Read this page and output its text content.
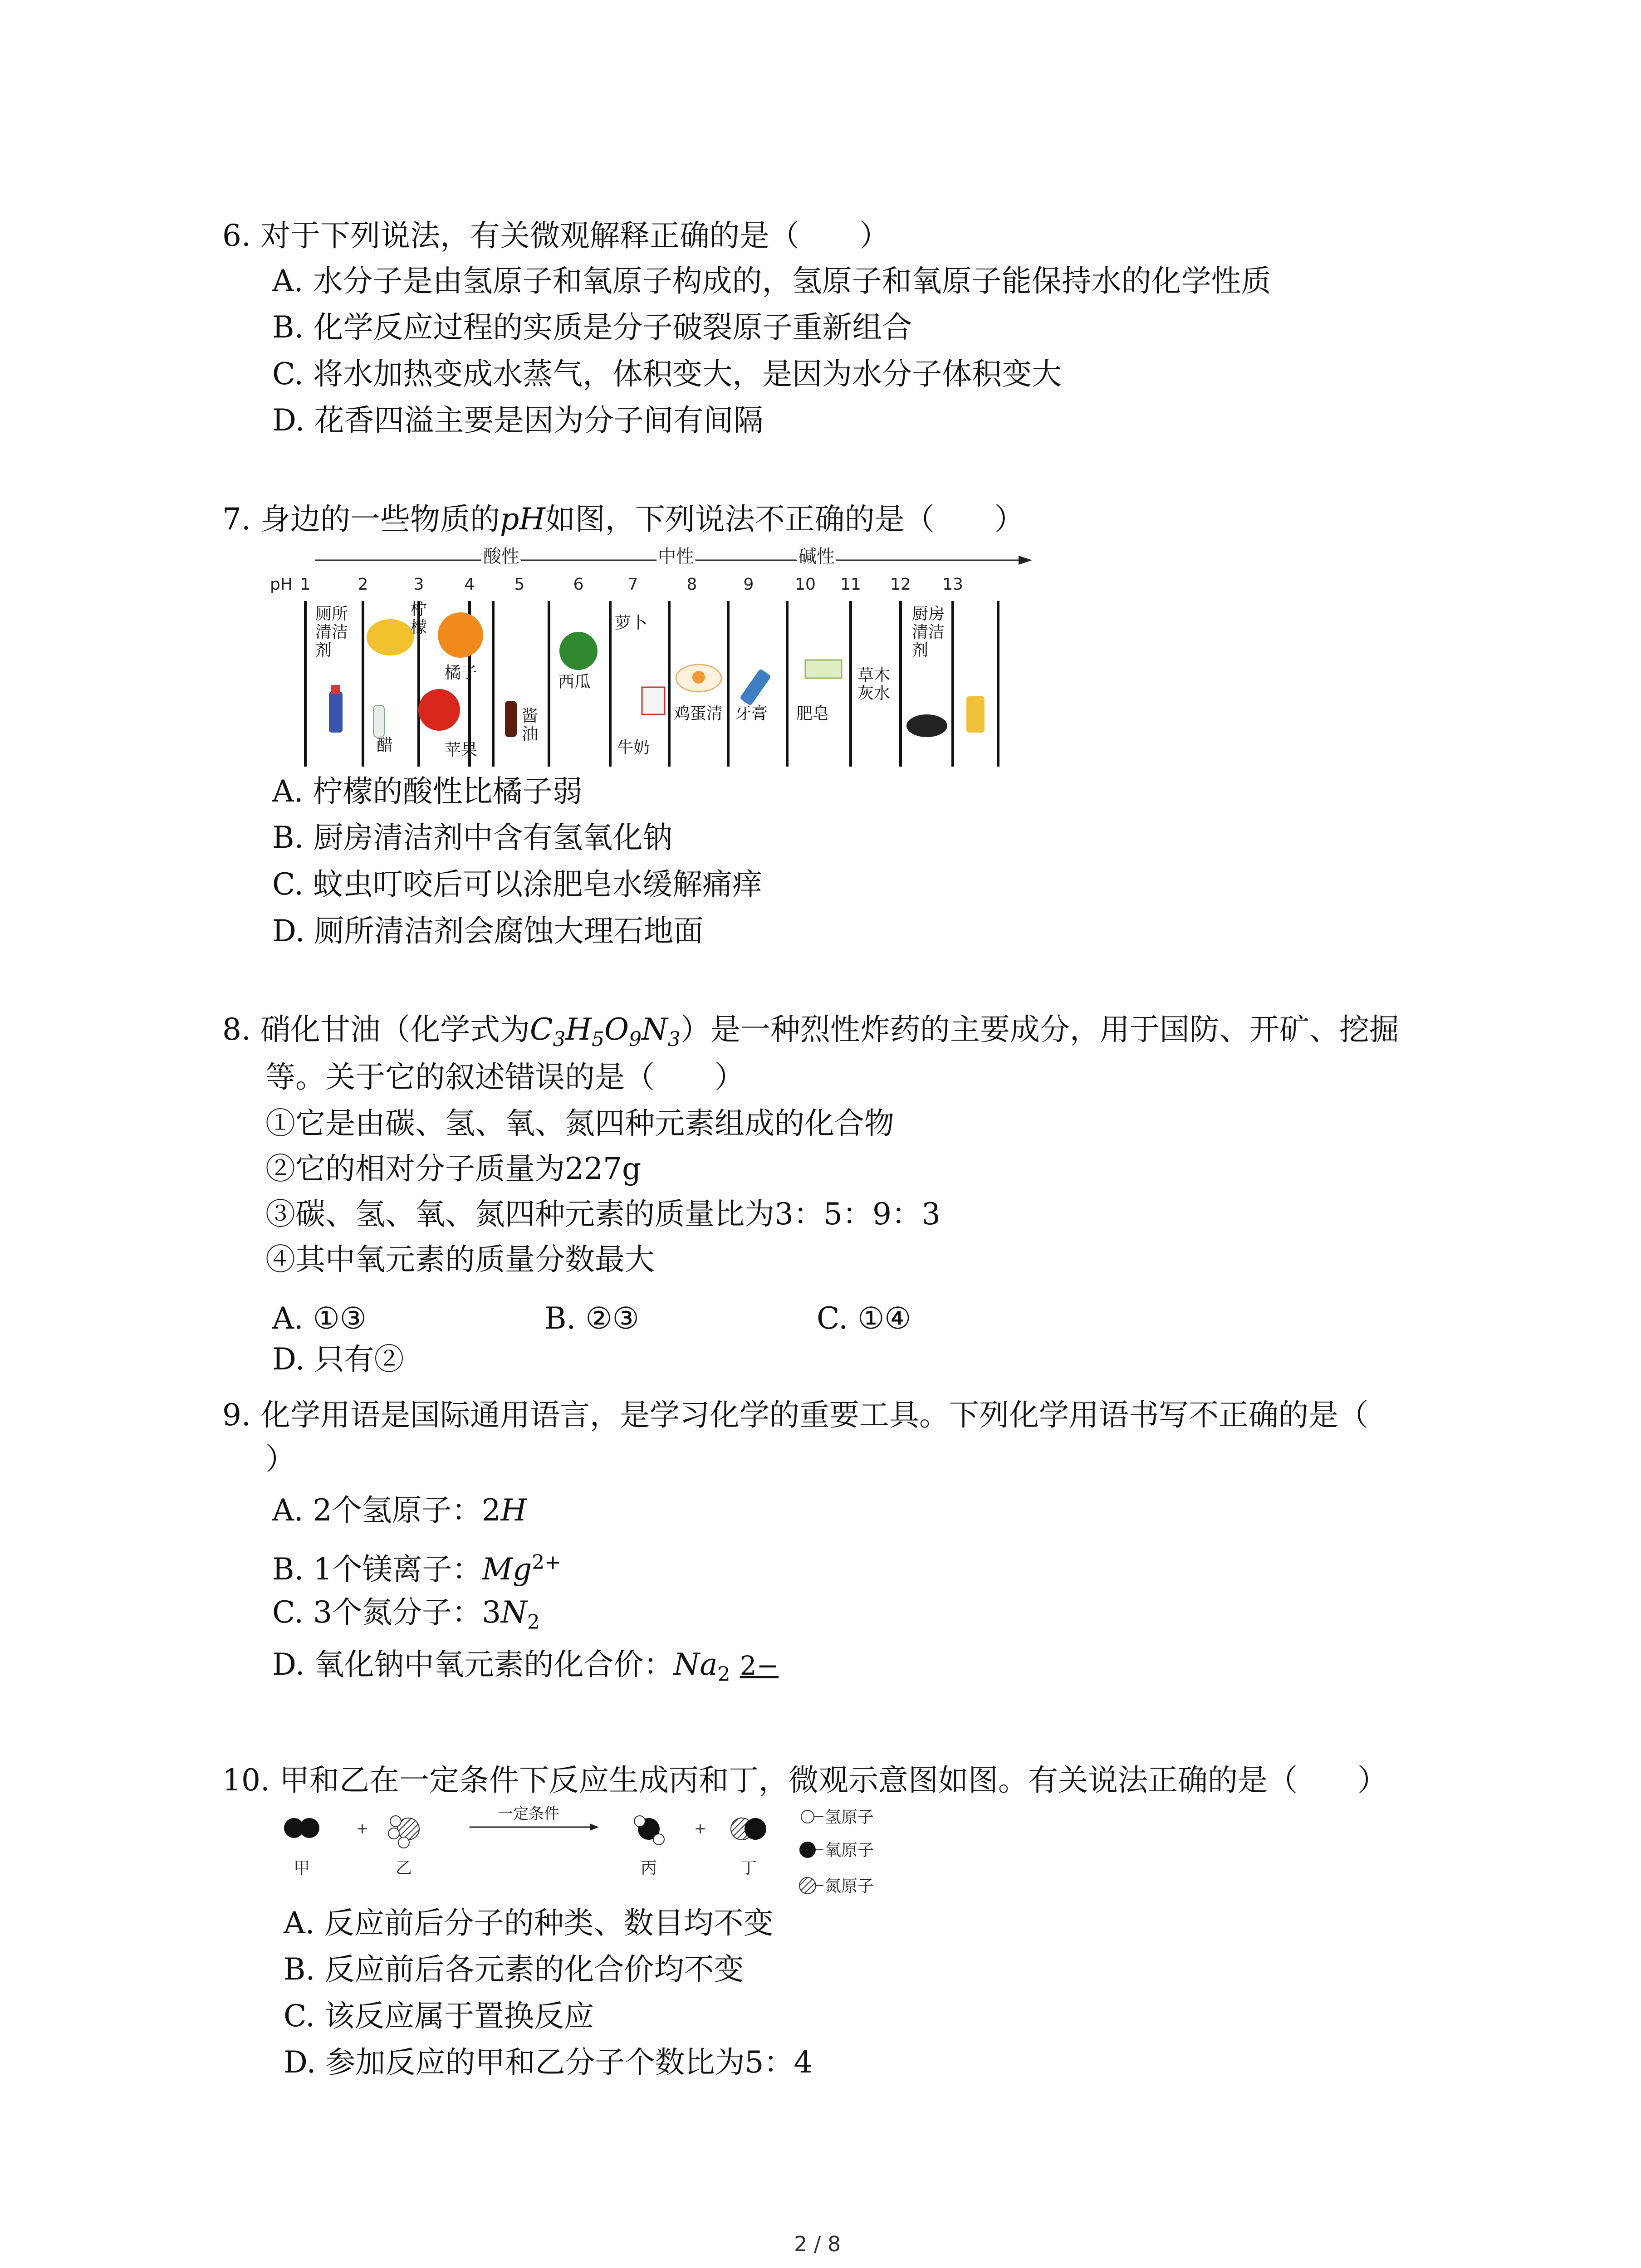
6. 对于下列说法，有关微观解释正确的是（　　）
A. 水分子是由氢原子和氧原子构成的，氢原子和氧原子能保持水的化学性质
B. 化学反应过程的实质是分子破裂原子重新组合
C. 将水加热变成水蒸气，体积变大，是因为水分子体积变大
D. 花香四溢主要是因为分子间有间隔
7. 身边的一些物质的pH如图，下列说法不正确的是（　　）
酸性	中性	碱性
pH 1	2	3 4 5	6	7	8	9	10 11 12 13
厕所清洁剂
柠檬
橘子
醋	苹果
酱油
西瓜
萝卜
牛奶
鸡蛋清 牙膏 肥皂
草木灰水
厨房清洁剂
A. 柠檬的酸性比橘子弱
B. 厨房清洁剂中含有氢氧化钠
C. 蚊虫叮咬后可以涂肥皂水缓解痛痒
D. 厕所清洁剂会腐蚀大理石地面
8. 硝化甘油（化学式为$C_3H_5O_9N_3$）是一种烈性炸药的主要成分，用于国防、开矿、挖掘
等。关于它的叙述错误的是（　　）
①它是由碳、氢、氧、氮四种元素组成的化合物
②它的相对分子质量为227g
③碳、氢、氧、氮四种元素的质量比为3：5：9：3
④其中氧元素的质量分数最大
A. ①③	B. ②③	C. ①④D. 只有②
9. 化学用语是国际通用语言，是学习化学的重要工具。下列化学用语书写不正确的是（
）
A. 2个氢原子：2H
B. 1个镁离子：$Mg^{2+}$
C. 3个氮分子：$3N_2$
D. 氧化钠中氧元素的化合价：$Na_2$ 2−
10. 甲和乙在一定条件下反应生成丙和丁，微观示意图如图。有关说法正确的是（　　）
+
一定条件
+
甲	乙	丙	丁
氢原子
氧原子
氮原子
A. 反应前后分子的种类、数目均不变
B. 反应前后各元素的化合价均不变
C. 该反应属于置换反应
D. 参加反应的甲和乙分子个数比为5：4
2 / 8
